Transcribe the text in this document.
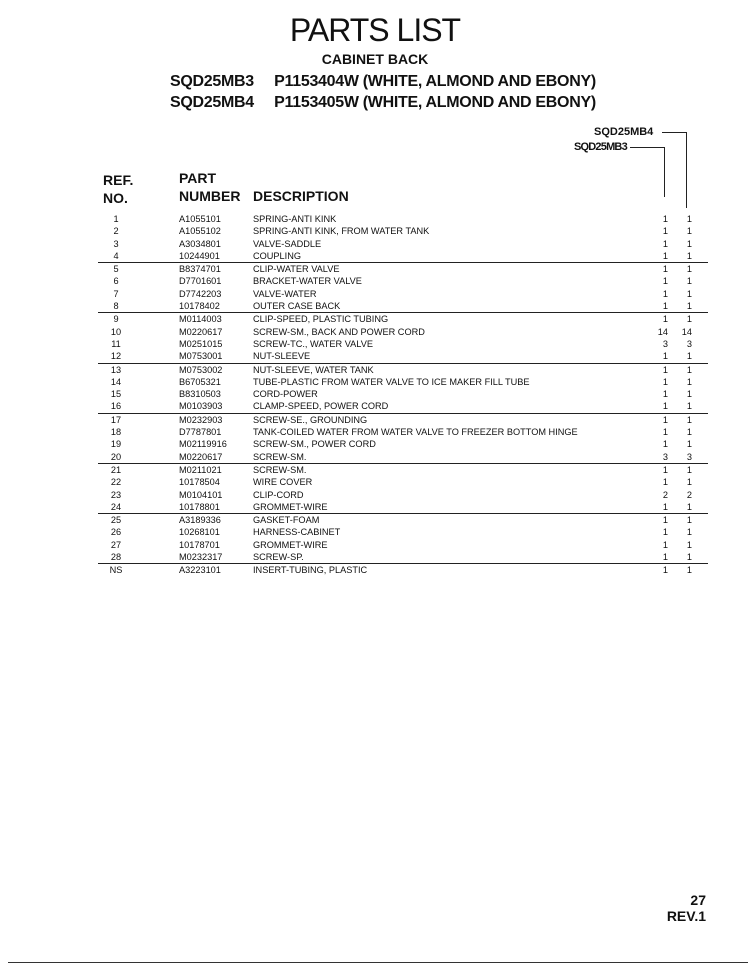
PARTS LIST
CABINET BACK
SQD25MB3 P1153404W (WHITE, ALMOND AND EBONY)
SQD25MB4 P1153405W (WHITE, ALMOND AND EBONY)
SQD25MB4
SQD25MB3
REF.
NO.
PART
NUMBER DESCRIPTION
1	A1055101	SPRING-ANTI KINK	1	1
2	A1055102	SPRING-ANTI KINK, FROM WATER TANK	1	1
3	A3034801	VALVE-SADDLE	1	1
4	10244901	COUPLING	1	1
5	B8374701	CLIP-WATER VALVE	1	1
6	D7701601	BRACKET-WATER VALVE	1	1
7	D7742203	VALVE-WATER	1	1
8	10178402	OUTER CASE BACK	1	1
9	M0114003	CLIP-SPEED, PLASTIC TUBING	1	1
10	M0220617	SCREW-SM., BACK AND POWER CORD	14	14
11	M0251015	SCREW-TC., WATER VALVE	3	3
12	M0753001	NUT-SLEEVE	1	1
13	M0753002	NUT-SLEEVE, WATER TANK	1	1
14	B6705321	TUBE-PLASTIC FROM WATER VALVE TO ICE MAKER FILL TUBE	1	1
15	B8310503	CORD-POWER	1	1
16	M0103903	CLAMP-SPEED, POWER CORD	1	1
17	M0232903	SCREW-SE., GROUNDING	1	1
18	D7787801	TANK-COILED WATER FROM WATER VALVE TO FREEZER BOTTOM HINGE	1	1
19	M02119916	SCREW-SM., POWER CORD	1	1
20	M0220617	SCREW-SM.	3	3
21	M0211021	SCREW-SM.	1	1
22	10178504	WIRE COVER	1	1
23	M0104101	CLIP-CORD	2	2
24	10178801	GROMMET-WIRE	1	1
25	A3189336	GASKET-FOAM	1	1
26	10268101	HARNESS-CABINET	1	1
27	10178701	GROMMET-WIRE	1	1
28	M0232317	SCREW-SP.	1	1
NS	A3223101	INSERT-TUBING, PLASTIC	1	1
27
REV.1
